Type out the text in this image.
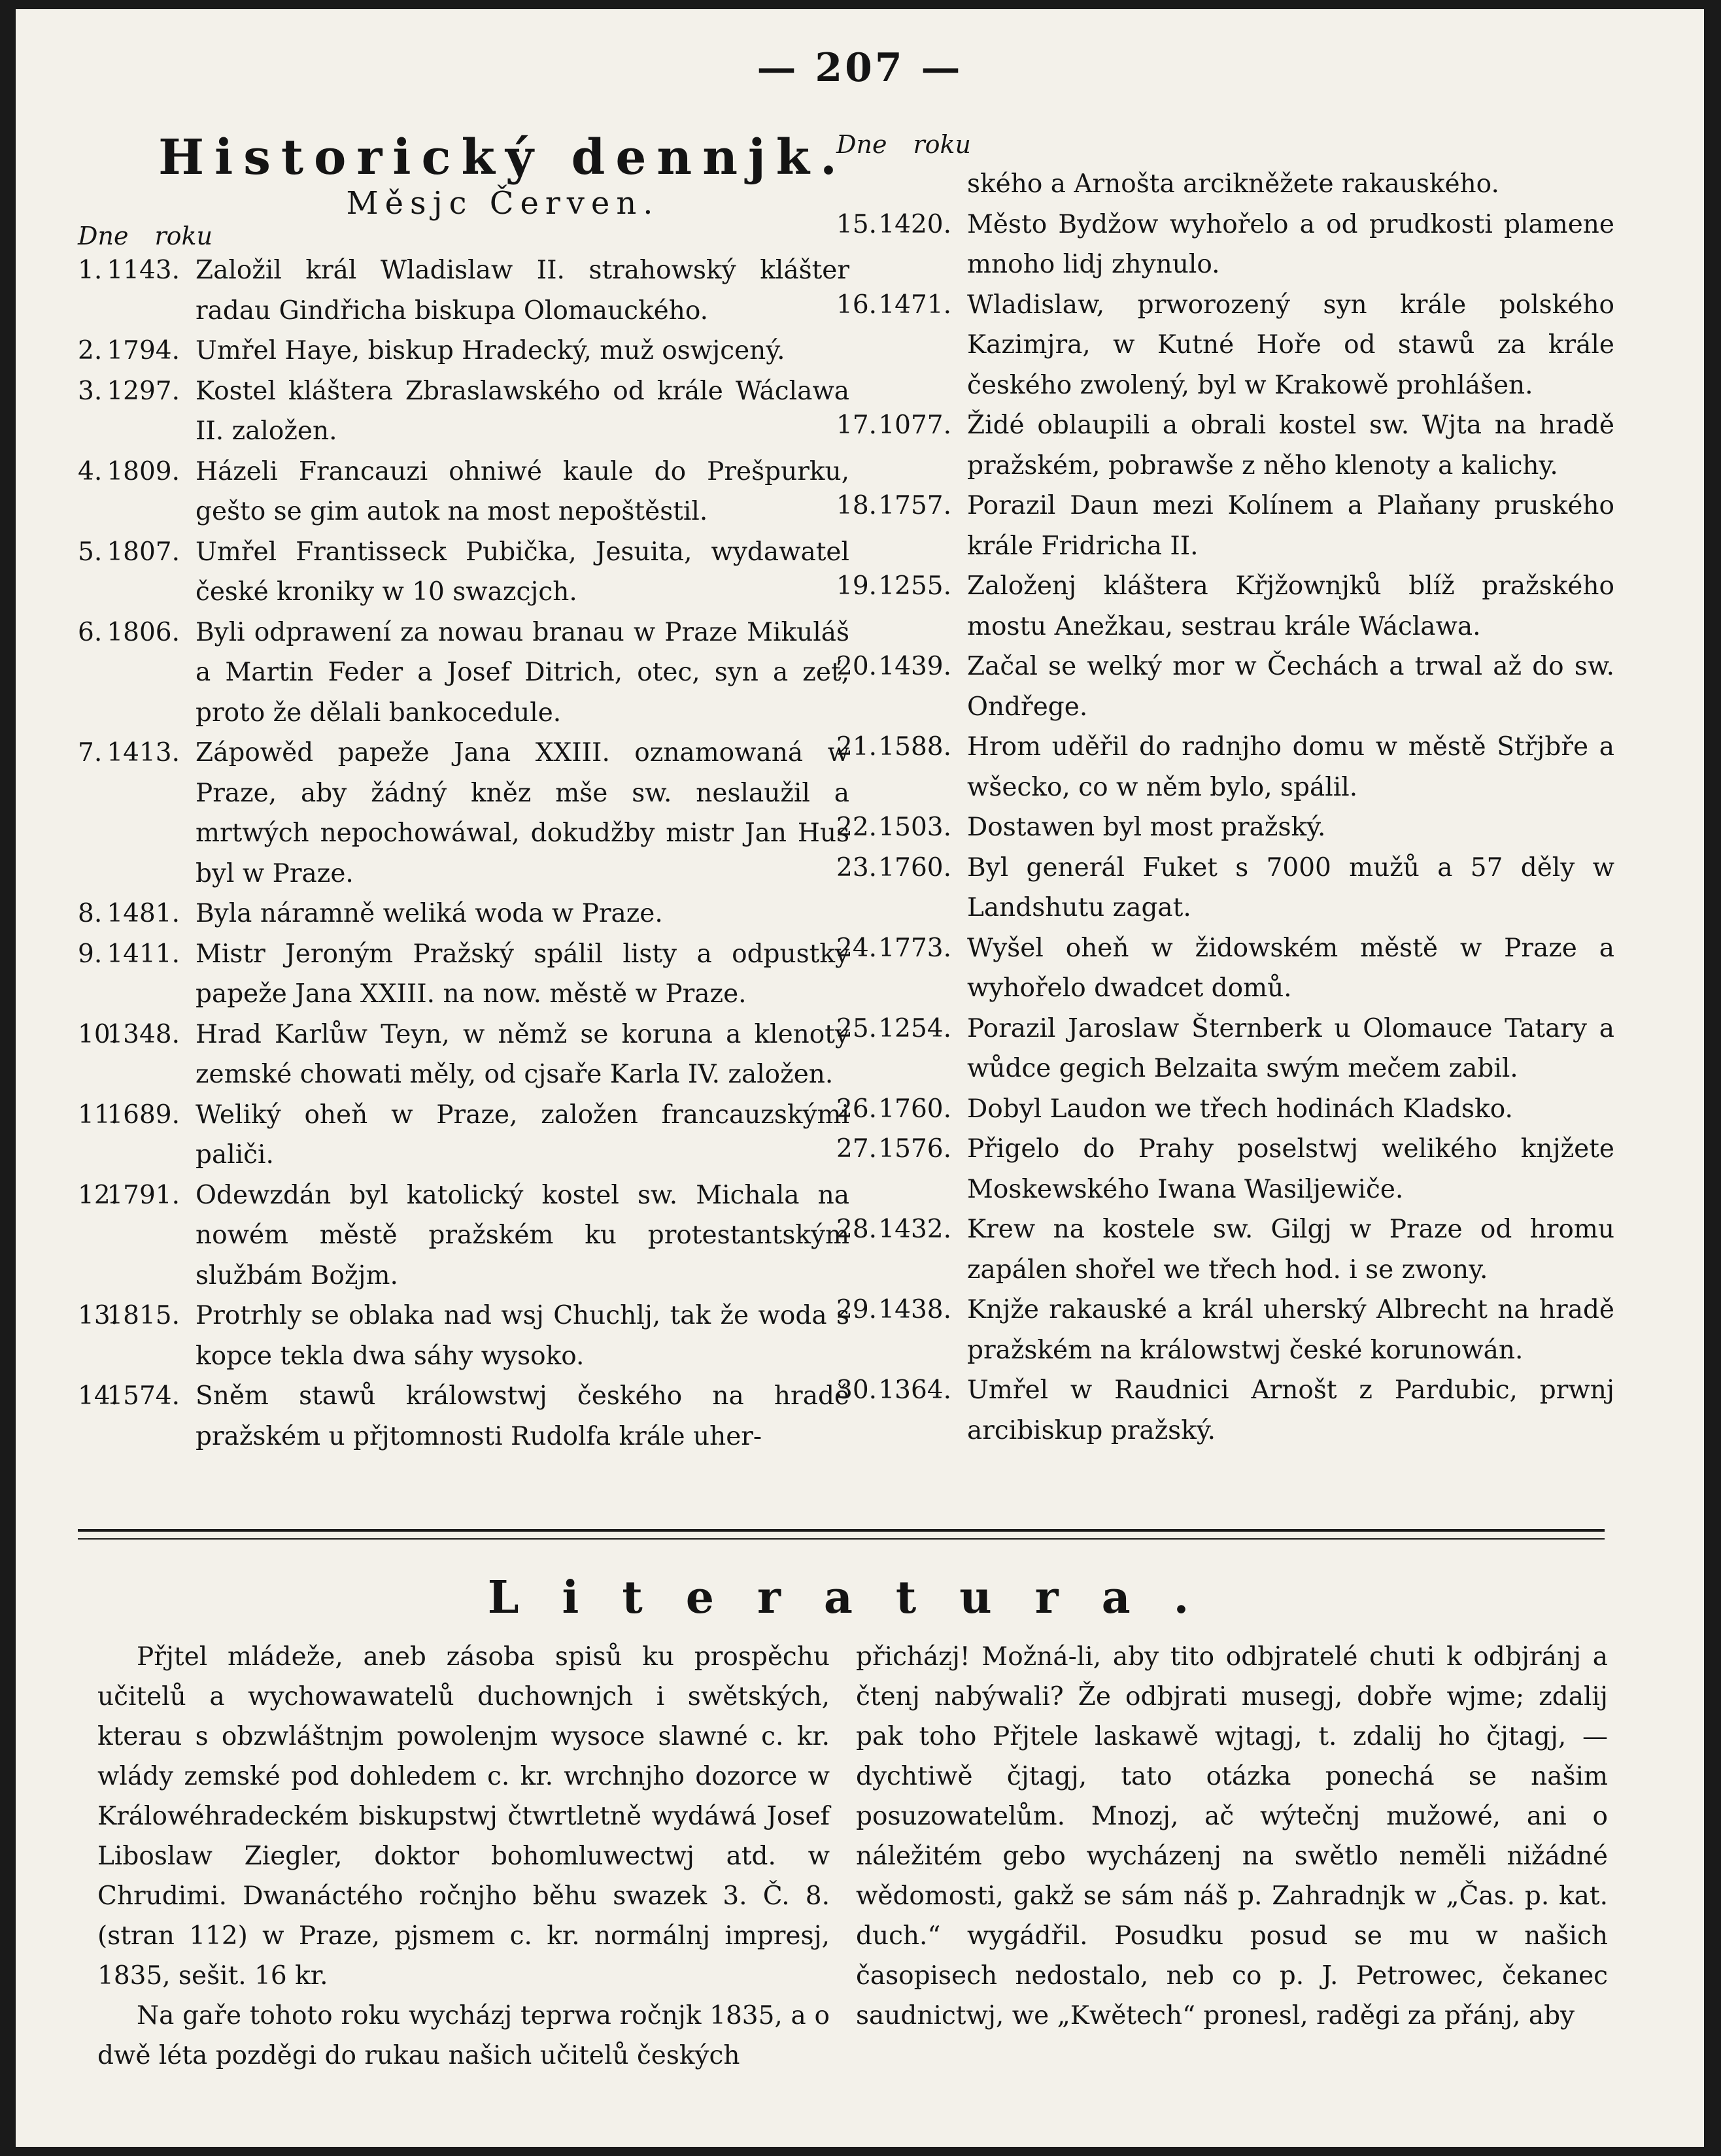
— 207 —
Historický dennjk.
Měsjc Červen.
Dne roku
1. 1143. Založil král Wladislaw II. strahowský klášter radau Gindřicha biskupa Olomauckého.
2. 1794. Umřel Haye, biskup Hradecký, muž oswjcený.
3. 1297. Kostel kláštera Zbraslawského od krále Wáclawa II. založen.
4. 1809. Házeli Francauzi ohniwé kaule do Prešpurku, gešto se gim autok na most nepoštěstil.
5. 1807. Umřel Frantisseck Pubička, Jesuita, wydawatel české kroniky w 10 swazcjch.
6. 1806. Byli odprawení za nowau branau w Praze Mikuláš a Martin Feder a Josef Ditrich, otec, syn a zeť, proto že dělali bankocedule.
7. 1413. Zápowěd papeže Jana XXIII. oznamowaná w Praze, aby žádný kněz mše sw. neslaužil a mrtwých nepochowáwal, dokudžby mistr Jan Hus byl w Praze.
8. 1481. Byla náramně weliká woda w Praze.
9. 1411. Mistr Jeroným Pražský spálil listy a odpustky papeže Jana XXIII. na now. městě w Praze.
10.
1348. Hrad Karlůw Teyn, w němž se koruna a klenoty zemské chowati měly, od cjsaře Karla IV. založen.
11.
1689. Weliký oheň w Praze, založen francauzskými paliči.
12.
1791. Odewzdán byl katolický kostel sw. Michala na nowém městě pražském ku protestantským službám Božjm.
13.
1815. Protrhly se oblaka nad wsj Chuchlj, tak že woda s kopce tekla dwa sáhy wysoko.
14.
1574. Sněm stawů králowstwj českého na hradě pražském u přjtomnosti Rudolfa krále uher-
Dne roku
ského a Arnošta arcikněžete rakauského.
15. 1420. Město Bydžow wyhořelo a od prudkosti plamene mnoho lidj zhynulo.
16. 1471. Wladislaw, prworozený syn krále polského Kazimjra, w Kutné Hoře od stawů za krále českého zwolený, byl w Krakowě prohlášen.
17. 1077. Židé oblaupili a obrali kostel sw. Wjta na hradě pražském, pobrawše z něho klenoty a kalichy.
18. 1757. Porazil Daun mezi Kolínem a Plaňany pruského krále Fridricha II.
19. 1255. Založenj kláštera Křjžownjků blíž pražského mostu Anežkau, sestrau krále Wáclawa.
20. 1439. Začal se welký mor w Čechách a trwal až do sw. Ondřege.
21. 1588. Hrom uděřil do radnjho domu w městě Střjbře a wšecko, co w něm bylo, spálil.
22. 1503. Dostawen byl most pražský.
23. 1760. Byl generál Fuket s 7000 mužů a 57 děly w Landshutu zagat.
24. 1773. Wyšel oheň w židowském městě w Praze a wyhořelo dwadcet domů.
25. 1254. Porazil Jaroslaw Šternberk u Olomauce Tatary a wůdce gegich Belzaita swým mečem zabil.
26. 1760. Dobyl Laudon we třech hodinách Kladsko.
27. 1576. Přigelo do Prahy poselstwj welikého knjžete Moskewského Iwana Wasiljewiče.
28. 1432. Krew na kostele sw. Gilgj w Praze od hromu zapálen shořel we třech hod. i se zwony.
29. 1438. Knjže rakauské a král uherský Albrecht na hradě pražském na králowstwj české korunowán.
30. 1364. Umřel w Raudnici Arnošt z Pardubic, prwnj arcibiskup pražský.
Literatura.

Přjtel mládeže, aneb zásoba spisů ku prospěchu učitelů a wychowawatelů duchownjch i swětských, kterau s obzwláštnjm powolenjm wysoce slawné c. kr. wlády zemské pod dohledem c. kr. wrchnjho dozorce w Králowéhradeckém biskupstwj čtwrtletně wydáwá Josef Liboslaw Ziegler, doktor bohomluwectwj atd. w Chrudimi. Dwanáctého ročnjho běhu swazek 3. Č. 8. (stran 112) w Praze, pjsmem c. kr. normálnj impresj, 1835, sešit. 16 kr.

Na gaře tohoto roku wycházj teprwa ročnjk 1835, a o dwě léta pozděgi do rukau našich učitelů českých

přicházj! Možná-li, aby tito odbjratelé chuti k odbjránj a čtenj nabýwali? Že odbjrati musegj, dobře wjme; zdalij pak toho Přjtele laskawě wjtagj, t. zdalij ho čjtagj, — dychtiwě čjtagj, tato otázka ponechá se našim posuzowatelům. Mnozj, ač wýtečnj mužowé, ani o náležitém gebo wycházenj na swětlo neměli nižádné wědomosti, gakž se sám náš p. Zahradnjk w „Čas. p. kat. duch.“ wygádřil. Posudku posud se mu w našich časopisech nedostalo, neb co p. J. Petrowec, čekanec saudnictwj, we „Kwětech“ pronesl, raděgi za přánj, aby
